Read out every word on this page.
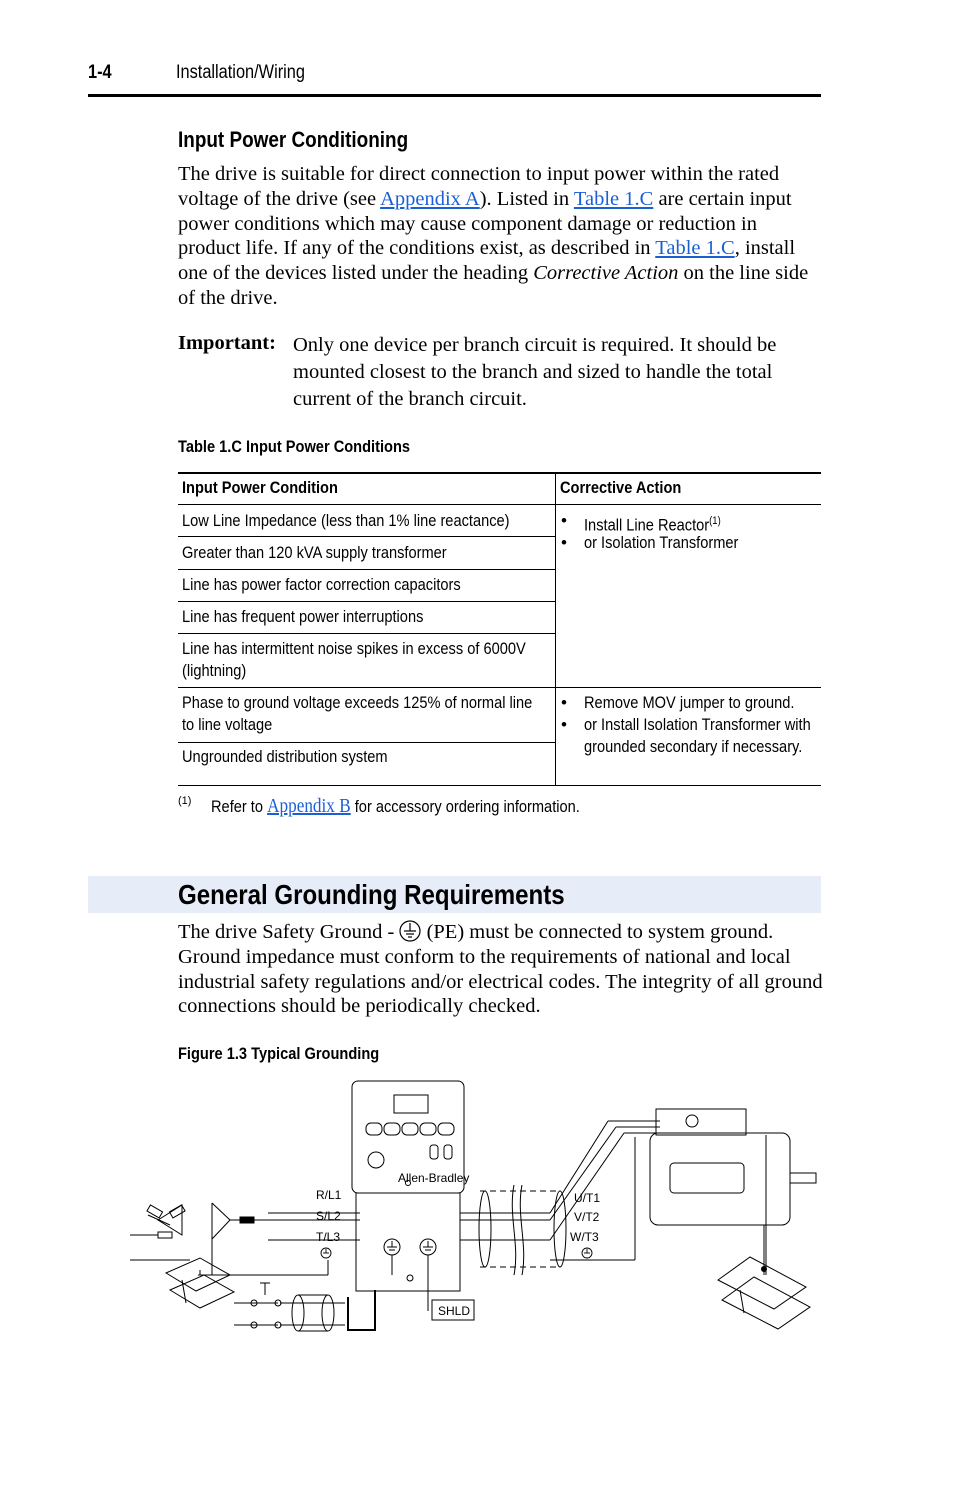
1-4	Installation/Wiring
Input Power Conditioning
The drive is suitable for direct connection to input power within the rated voltage of the drive (see Appendix A). Listed in Table 1.C are certain input power conditions which may cause component damage or reduction in product life. If any of the conditions exist, as described in Table 1.C, install one of the devices listed under the heading Corrective Action on the line side of the drive.
Important: Only one device per branch circuit is required. It should be mounted closest to the branch and sized to handle the total current of the branch circuit.
Table 1.C Input Power Conditions
Input Power Condition	Corrective Action
Low Line Impedance (less than 1% line reactance)
Greater than 120 kVA supply transformer
Line has power factor correction capacitors
Line has frequent power interruptions
Line has intermittent noise spikes in excess of 6000V (lightning)
Phase to ground voltage exceeds 125% of normal line to line voltage
Ungrounded distribution system
• Install Line Reactor$^{(1)}$
• or Isolation Transformer
• Remove MOV jumper to ground.
• or Install Isolation Transformer with grounded secondary if necessary.
(1) Refer to Appendix B for accessory ordering information.
General Grounding Requirements
The drive Safety Ground -  (PE) must be connected to system ground. Ground impedance must conform to the requirements of national and local industrial safety regulations and/or electrical codes. The integrity of all ground connections should be periodically checked.
Figure 1.3 Typical Grounding
Allen-Bradley
R/L1
S/L2
T/L3
U/T1
V/T2
W/T3
SHLD
